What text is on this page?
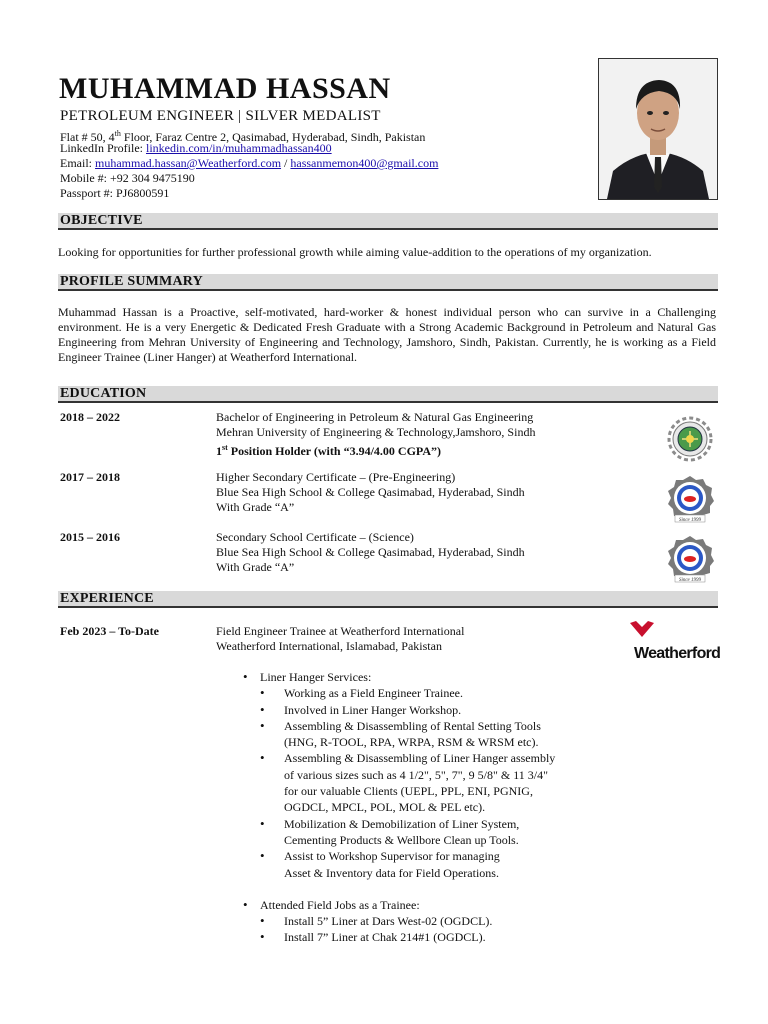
MUHAMMAD HASSAN
PETROLEUM ENGINEER | SILVER MEDALIST
Flat # 50, 4th Floor, Faraz Centre 2, Qasimabad, Hyderabad, Sindh, Pakistan
LinkedIn Profile: linkedin.com/in/muhammadhassan400
Email: muhammad.hassan@Weatherford.com / hassanmemon400@gmail.com
Mobile #: +92 304 9475190
Passport #: PJ6800591
OBJECTIVE
Looking for opportunities for further professional growth while aiming value-addition to the operations of my organization.
PROFILE SUMMARY
Muhammad Hassan is a Proactive, self-motivated, hard-worker & honest individual person who can survive in a Challenging environment. He is a very Energetic & Dedicated Fresh Graduate with a Strong Academic Background in Petroleum and Natural Gas Engineering from Mehran University of Engineering and Technology, Jamshoro, Sindh, Pakistan. Currently, he is working as a Field Engineer Trainee (Liner Hanger) at Weatherford International.
EDUCATION
2018 – 2022	Bachelor of Engineering in Petroleum & Natural Gas Engineering
Mehran University of Engineering & Technology,Jamshoro, Sindh
1st Position Holder (with “3.94/4.00 CGPA”)
2017 – 2018	Higher Secondary Certificate – (Pre-Engineering)
Blue Sea High School & College Qasimabad, Hyderabad, Sindh
With Grade “A”
Since 1999
2015 – 2016	Secondary School Certificate – (Science)
Blue Sea High School & College Qasimabad, Hyderabad, Sindh
With Grade “A”
Since 1999
EXPERIENCE
Feb 2023 – To-Date	Field Engineer Trainee at Weatherford International
Weatherford International, Islamabad, Pakistan	Weatherford
• Liner Hanger Services:
• Working as a Field Engineer Trainee.
• Involved in Liner Hanger Workshop.
• Assembling & Disassembling of Rental Setting Tools
(HNG, R-TOOL, RPA, WRPA, RSM & WRSM etc).
• Assembling & Disassembling of Liner Hanger assembly
of various sizes such as 4 1/2", 5", 7", 9 5/8" & 11 3/4"
for our valuable Clients (UEPL, PPL, ENI, PGNIG,
OGDCL, MPCL, POL, MOL & PEL etc).
• Mobilization & Demobilization of Liner System,
Cementing Products & Wellbore Clean up Tools.
• Assist to Workshop Supervisor for managing
Asset & Inventory data for Field Operations.
• Attended Field Jobs as a Trainee:
• Install 5” Liner at Dars West-02 (OGDCL).
• Install 7” Liner at Chak 214#1 (OGDCL).
